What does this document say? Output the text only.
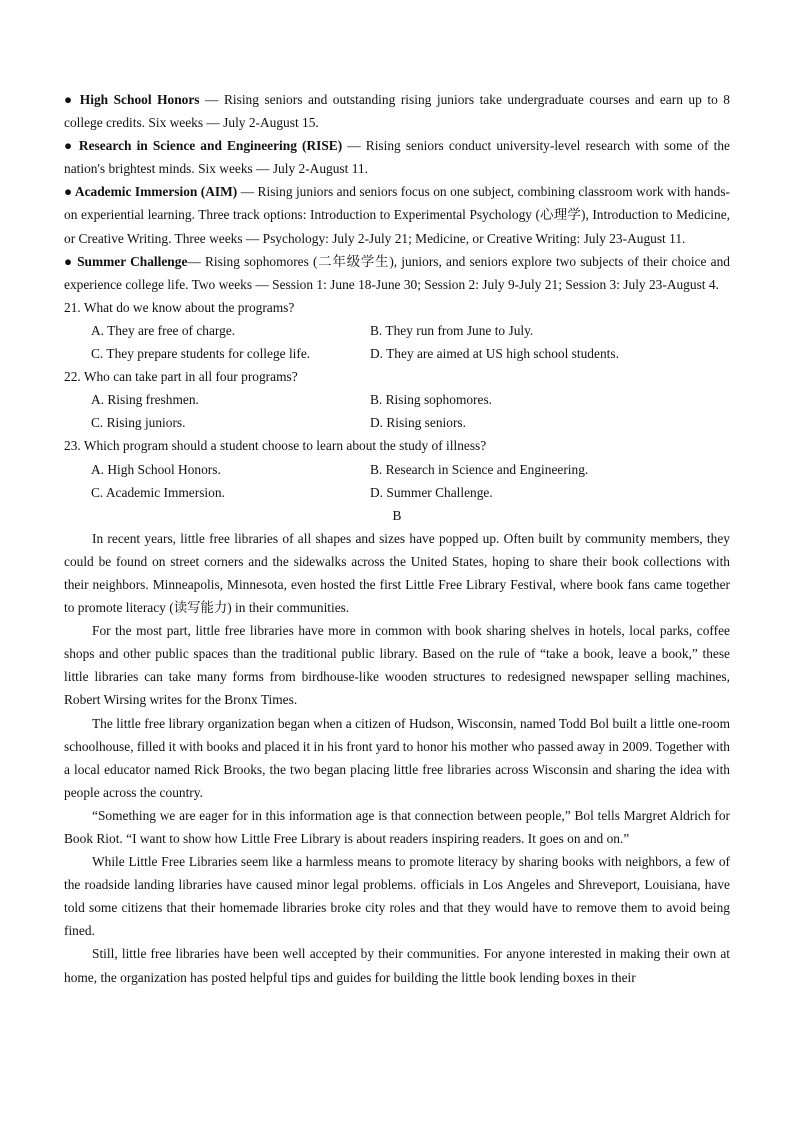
● High School Honors — Rising seniors and outstanding rising juniors take undergraduate courses and earn up to 8 college credits. Six weeks — July 2-August 15.

● Research in Science and Engineering (RISE) — Rising seniors conduct university-level research with some of the nation's brightest minds. Six weeks — July 2-August 11.

● Academic Immersion (AIM) — Rising juniors and seniors focus on one subject, combining classroom work with hands-on experiential learning. Three track options: Introduction to Experimental Psychology (心理学), Introduction to Medicine, or Creative Writing. Three weeks — Psychology: July 2-July 21; Medicine, or Creative Writing: July 23-August 11.

● Summer Challenge— Rising sophomores (二年级学生), juniors, and seniors explore two subjects of their choice and experience college life. Two weeks — Session 1: June 18-June 30; Session 2: July 9-July 21; Session 3: July 23-August 4.

21. What do we know about the programs?

A. They are free of charge.	B. They run from June to July.
C. They prepare students for college life.	D. They are aimed at US high school students.

22. Who can take part in all four programs?

A. Rising freshmen.	B. Rising sophomores.
C. Rising juniors.	D. Rising seniors.

23. Which program should a student choose to learn about the study of illness?

A. High School Honors.	B. Research in Science and Engineering.
C. Academic Immersion.	D. Summer Challenge.

B

In recent years, little free libraries of all shapes and sizes have popped up. Often built by community members, they could be found on street corners and the sidewalks across the United States, hoping to share their book collections with their neighbors. Minneapolis, Minnesota, even hosted the first Little Free Library Festival, where book fans came together to promote literacy (读写能力) in their communities.

For the most part, little free libraries have more in common with book sharing shelves in hotels, local parks, coffee shops and other public spaces than the traditional public library. Based on the rule of “take a book, leave a book,” these little libraries can take many forms from birdhouse-like wooden structures to redesigned newspaper selling machines, Robert Wirsing writes for the Bronx Times.

The little free library organization began when a citizen of Hudson, Wisconsin, named Todd Bol built a little one-room schoolhouse, filled it with books and placed it in his front yard to honor his mother who passed away in 2009. Together with a local educator named Rick Brooks, the two began placing little free libraries across Wisconsin and sharing the idea with people across the country.

“Something we are eager for in this information age is that connection between people,” Bol tells Margret Aldrich for Book Riot. “I want to show how Little Free Library is about readers inspiring readers. It goes on and on.”

While Little Free Libraries seem like a harmless means to promote literacy by sharing books with neighbors, a few of the roadside landing libraries have caused minor legal problems. officials in Los Angeles and Shreveport, Louisiana, have told some citizens that their homemade libraries broke city roles and that they would have to remove them to avoid being fined.

Still, little free libraries have been well accepted by their communities. For anyone interested in making their own at home, the organization has posted helpful tips and guides for building the little book lending boxes in their
